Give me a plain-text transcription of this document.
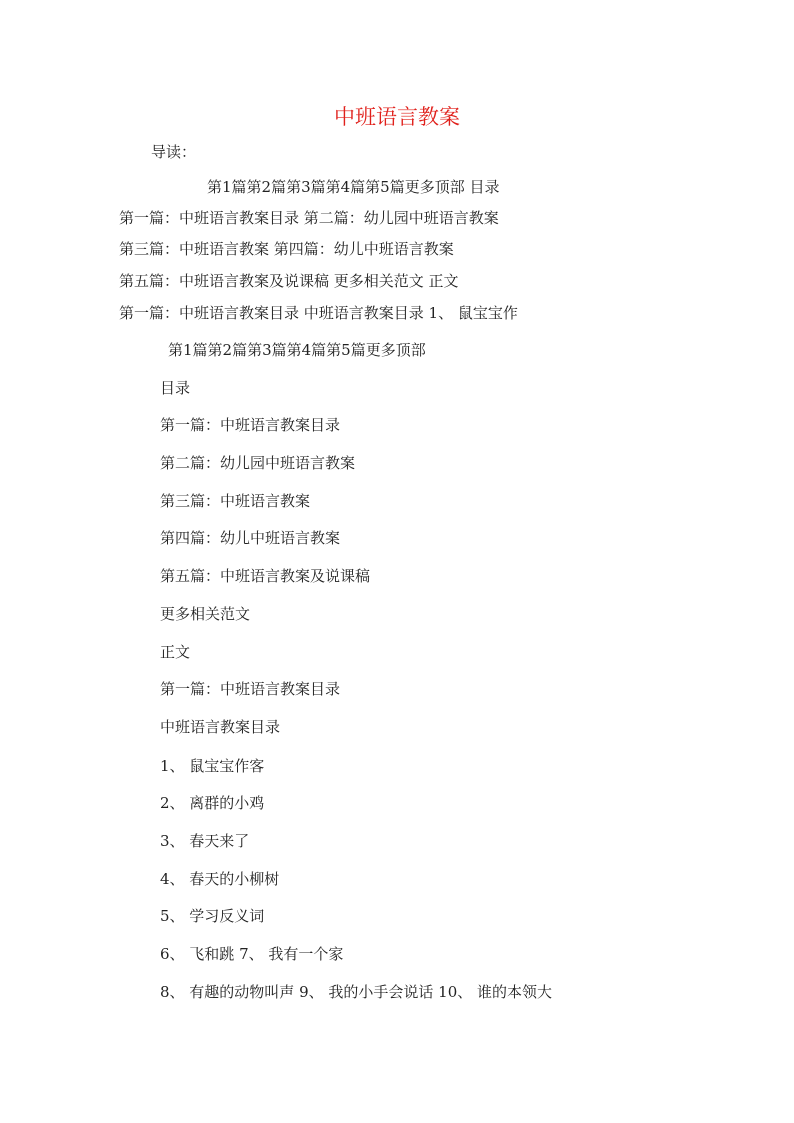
中班语言教案
导读：
第1篇第2篇第3篇第4篇第5篇更多顶部 目录
第一篇：中班语言教案目录 第二篇：幼儿园中班语言教案
第三篇：中班语言教案 第四篇：幼儿中班语言教案
第五篇：中班语言教案及说课稿 更多相关范文 正文
第一篇：中班语言教案目录 中班语言教案目录 1、 鼠宝宝作
第1篇第2篇第3篇第4篇第5篇更多顶部
目录
第一篇：中班语言教案目录
第二篇：幼儿园中班语言教案
第三篇：中班语言教案
第四篇：幼儿中班语言教案
第五篇：中班语言教案及说课稿
更多相关范文
正文
第一篇：中班语言教案目录
中班语言教案目录
1、 鼠宝宝作客
2、 离群的小鸡
3、 春天来了
4、 春天的小柳树
5、 学习反义词
6、 飞和跳 7、 我有一个家
8、 有趣的动物叫声 9、 我的小手会说话 10、 谁的本领大
